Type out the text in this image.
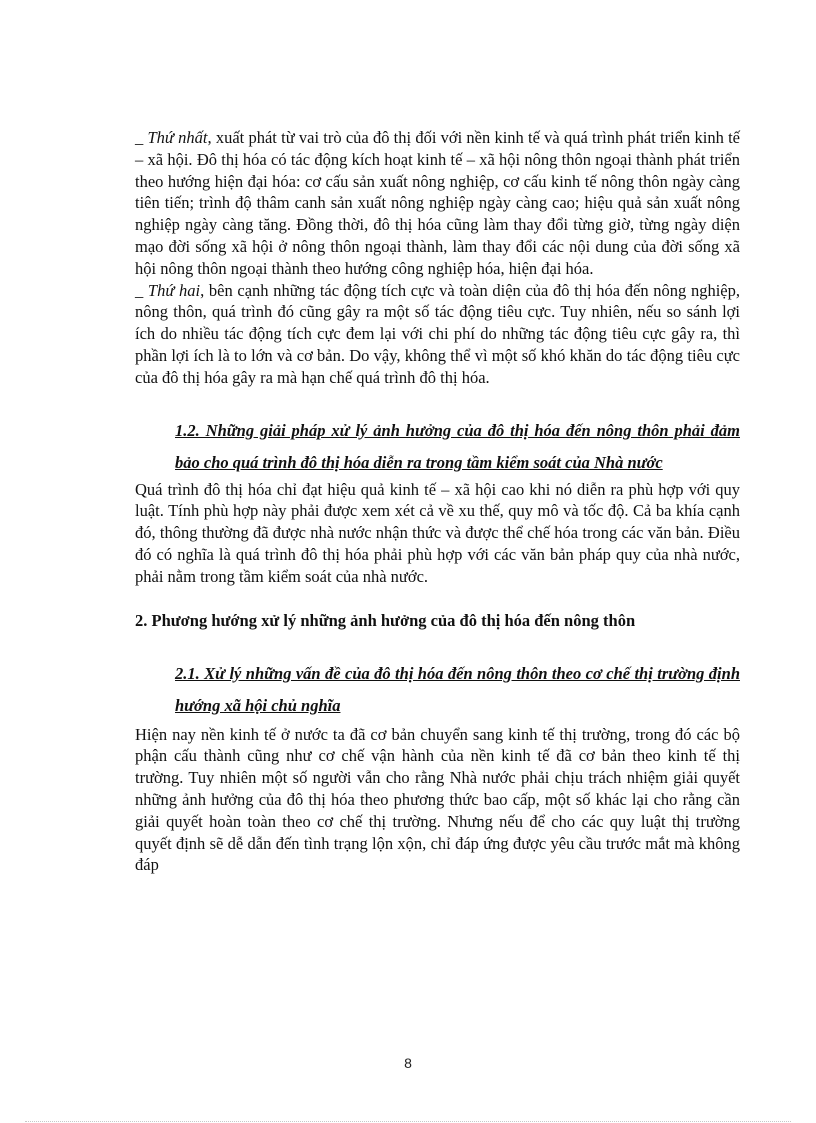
_ Thứ nhất, xuất phát từ vai trò của đô thị đối với nền kinh tế và quá trình phát triển kinh tế – xã hội. Đô thị hóa có tác động kích hoạt kinh tế – xã hội nông thôn ngoại thành phát triển theo hướng hiện đại hóa: cơ cấu sản xuất nông nghiệp, cơ cấu kinh tế nông thôn ngày càng tiên tiến; trình độ thâm canh sản xuất nông nghiệp ngày càng cao; hiệu quả sản xuất nông nghiệp ngày càng tăng. Đồng thời, đô thị hóa cũng làm thay đổi từng giờ, từng ngày diện mạo đời sống xã hội ở nông thôn ngoại thành, làm thay đổi các nội dung của đời sống xã hội nông thôn ngoại thành theo hướng công nghiệp hóa, hiện đại hóa.

_ Thứ hai, bên cạnh những tác động tích cực và toàn diện của đô thị hóa đến nông nghiệp, nông thôn, quá trình đó cũng gây ra một số tác động tiêu cực. Tuy nhiên, nếu so sánh lợi ích do nhiều tác động tích cực đem lại với chi phí do những tác động tiêu cực gây ra, thì phần lợi ích là to lớn và cơ bản. Do vậy, không thể vì một số khó khăn do tác động tiêu cực của đô thị hóa gây ra mà hạn chế quá trình đô thị hóa.

1.2. Những giải pháp xử lý ảnh hưởng của đô thị hóa đến nông thôn phải đảm bảo cho quá trình đô thị hóa diễn ra trong tầm kiểm soát của Nhà nước

Quá trình đô thị hóa chỉ đạt hiệu quả kinh tế – xã hội cao khi nó diễn ra phù hợp với quy luật. Tính phù hợp này phải được xem xét cả về xu thế, quy mô và tốc độ. Cả ba khía cạnh đó, thông thường đã được nhà nước nhận thức và được thể chế hóa trong các văn bản. Điều đó có nghĩa là quá trình đô thị hóa phải phù hợp với các văn bản pháp quy của nhà nước, phải nằm trong tầm kiểm soát của nhà nước.

2. Phương hướng xử lý những ảnh hưởng của đô thị hóa đến nông thôn

2.1. Xử lý những vấn đề của đô thị hóa đến nông thôn theo cơ chế thị trường định hướng xã hội chủ nghĩa

Hiện nay nền kinh tế ở nước ta đã cơ bản chuyển sang kinh tế thị trường, trong đó các bộ phận cấu thành cũng như cơ chế vận hành của nền kinh tế đã cơ bản theo kinh tế thị trường. Tuy nhiên một số người vẫn cho rằng Nhà nước phải chịu trách nhiệm giải quyết những ảnh hưởng của đô thị hóa theo phương thức bao cấp, một số khác lại cho rằng cần giải quyết hoàn toàn theo cơ chế thị trường. Nhưng nếu để cho các quy luật thị trường quyết định sẽ dễ dẫn đến tình trạng lộn xộn, chỉ đáp ứng được yêu cầu trước mắt mà không đáp

8
